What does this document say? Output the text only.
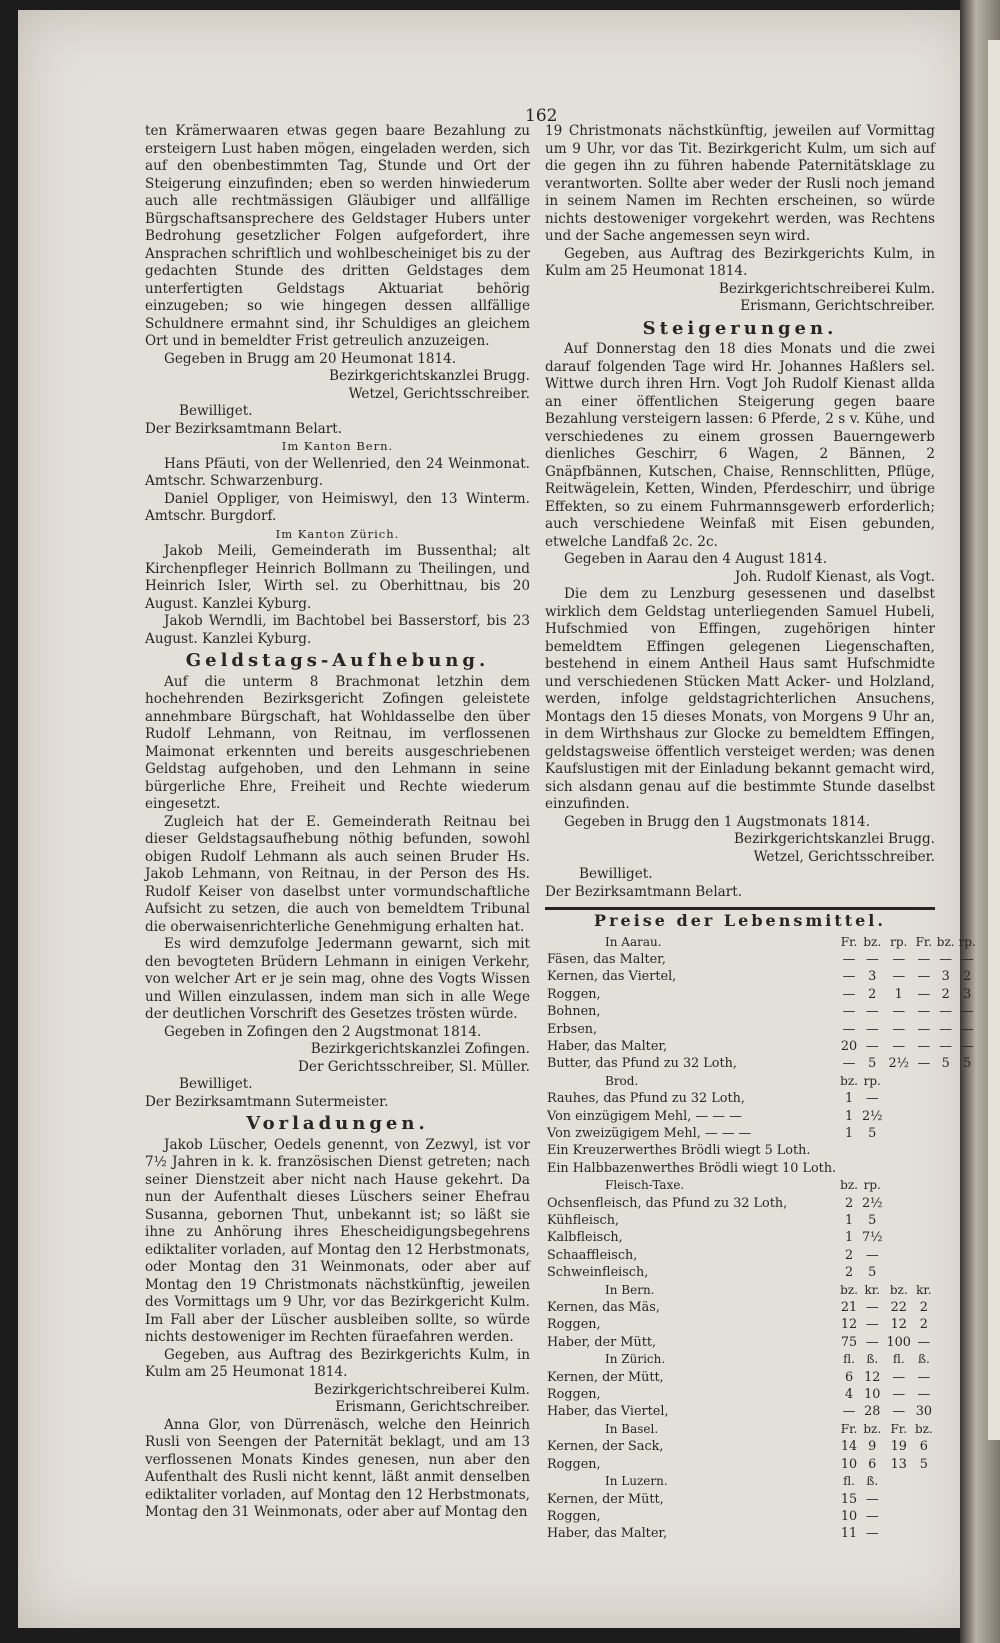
162

ten Krämerwaaren etwas gegen baare Bezahlung zu ersteigern Lust haben mögen, eingeladen werden, sich auf den obenbestimmten Tag, Stunde und Ort der Steigerung einzufinden; eben so werden hinwiederum auch alle rechtmässigen Gläubiger und allfällige Bürgschaftsansprechere des Geldstager Hubers unter Bedrohung gesetzlicher Folgen aufgefordert, ihre Ansprachen schriftlich und wohlbescheiniget bis zu der gedachten Stunde des dritten Geldstages dem unterfertigten Geldstags Aktuariat behörig einzugeben; so wie hingegen dessen allfällige Schuldnere ermahnt sind, ihr Schuldiges an gleichem Ort und in bemeldter Frist getreulich anzuzeigen.

Gegeben in Brugg am 20 Heumonat 1814.

Bezirkgerichtskanzlei Brugg.

Wetzel, Gerichtsschreiber.

Bewilliget.

Der Bezirksamtmann Belart.

Im Kanton Bern.

Hans Pfäuti, von der Wellenried, den 24 Weinmonat. Amtschr. Schwarzenburg.

Daniel Oppliger, von Heimiswyl, den 13 Winterm. Amtschr. Burgdorf.

Im Kanton Zürich.

Jakob Meili, Gemeinderath im Bussenthal; alt Kirchenpfleger Heinrich Bollmann zu Theilingen, und Heinrich Isler, Wirth sel. zu Oberhittnau, bis 20 August. Kanzlei Kyburg.

Jakob Werndli, im Bachtobel bei Basserstorf, bis 23 August. Kanzlei Kyburg.

Geldstags-Aufhebung.

Auf die unterm 8 Brachmonat letzhin dem hochehrenden Bezirksgericht Zofingen geleistete annehmbare Bürgschaft, hat Wohldasselbe den über Rudolf Lehmann, von Reitnau, im verflossenen Maimonat erkennten und bereits ausgeschriebenen Geldstag aufgehoben, und den Lehmann in seine bürgerliche Ehre, Freiheit und Rechte wiederum eingesetzt.

Zugleich hat der E. Gemeinderath Reitnau bei dieser Geldstagsaufhebung nöthig befunden, sowohl obigen Rudolf Lehmann als auch seinen Bruder Hs. Jakob Lehmann, von Reitnau, in der Person des Hs. Rudolf Keiser von daselbst unter vormundschaftliche Aufsicht zu setzen, die auch von bemeldtem Tribunal die oberwaisenrichterliche Genehmigung erhalten hat.

Es wird demzufolge Jedermann gewarnt, sich mit den bevogteten Brüdern Lehmann in einigen Verkehr, von welcher Art er je sein mag, ohne des Vogts Wissen und Willen einzulassen, indem man sich in alle Wege der deutlichen Vorschrift des Gesetzes trösten würde.

Gegeben in Zofingen den 2 Augstmonat 1814.

Bezirkgerichtskanzlei Zofingen.

Der Gerichtsschreiber, Sl. Müller.

Bewilliget.

Der Bezirksamtmann Sutermeister.

Vorladungen.

Jakob Lüscher, Oedels genennt, von Zezwyl, ist vor 7½ Jahren in k. k. französischen Dienst getreten; nach seiner Dienstzeit aber nicht nach Hause gekehrt. Da nun der Aufenthalt dieses Lüschers seiner Ehefrau Susanna, gebornen Thut, unbekannt ist; so läßt sie ihne zu Anhörung ihres Ehescheidigungsbegehrens ediktaliter vorladen, auf Montag den 12 Herbstmonats, oder Montag den 31 Weinmonats, oder aber auf Montag den 19 Christmonats nächstkünftig, jeweilen des Vormittags um 9 Uhr, vor das Bezirkgericht Kulm. Im Fall aber der Lüscher ausbleiben sollte, so würde nichts destoweniger im Rechten füraefahren werden.

Gegeben, aus Auftrag des Bezirkgerichts Kulm, in Kulm am 25 Heumonat 1814.

Bezirkgerichtschreiberei Kulm.

Erismann, Gerichtschreiber.

Anna Glor, von Dürrenäsch, welche den Heinrich Rusli von Seengen der Paternität beklagt, und am 13 verflossenen Monats Kindes genesen, nun aber den Aufenthalt des Rusli nicht kennt, läßt anmit denselben ediktaliter vorladen, auf Montag den 12 Herbstmonats, Montag den 31 Weinmonats, oder aber auf Montag den

19 Christmonats nächstkünftig, jeweilen auf Vormittag um 9 Uhr, vor das Tit. Bezirkgericht Kulm, um sich auf die gegen ihn zu führen habende Paternitätsklage zu verantworten. Sollte aber weder der Rusli noch jemand in seinem Namen im Rechten erscheinen, so würde nichts destoweniger vorgekehrt werden, was Rechtens und der Sache angemessen seyn wird.

Gegeben, aus Auftrag des Bezirkgerichts Kulm, in Kulm am 25 Heumonat 1814.

Bezirkgerichtschreiberei Kulm.

Erismann, Gerichtschreiber.

Steigerungen.

Auf Donnerstag den 18 dies Monats und die zwei darauf folgenden Tage wird Hr. Johannes Haßlers sel. Wittwe durch ihren Hrn. Vogt Joh Rudolf Kienast allda an einer öffentlichen Steigerung gegen baare Bezahlung versteigern lassen: 6 Pferde, 2 s v. Kühe, und verschiedenes zu einem grossen Bauerngewerb dienliches Geschirr, 6 Wagen, 2 Bännen, 2 Gnäpfbännen, Kutschen, Chaise, Rennschlitten, Pflüge, Reitwägelein, Ketten, Winden, Pferdeschirr, und übrige Effekten, so zu einem Fuhrmannsgewerb erforderlich; auch verschiedene Weinfaß mit Eisen gebunden, etwelche Landfaß 2c. 2c.

Gegeben in Aarau den 4 August 1814.

Joh. Rudolf Kienast, als Vogt.

Die dem zu Lenzburg gesessenen und daselbst wirklich dem Geldstag unterliegenden Samuel Hubeli, Hufschmied von Effingen, zugehörigen hinter bemeldtem Effingen gelegenen Liegenschaften, bestehend in einem Antheil Haus samt Hufschmidte und verschiedenen Stücken Matt Acker- und Holzland, werden, infolge geldstagrichterlichen Ansuchens, Montags den 15 dieses Monats, von Morgens 9 Uhr an, in dem Wirthshaus zur Glocke zu bemeldtem Effingen, geldstagsweise öffentlich versteiget werden; was denen Kaufslustigen mit der Einladung bekannt gemacht wird, sich alsdann genau auf die bestimmte Stunde daselbst einzufinden.

Gegeben in Brugg den 1 Augstmonats 1814.

Bezirkgerichtskanzlei Brugg.

Wetzel, Gerichtsschreiber.

Bewilliget.

Der Bezirksamtmann Belart.

Preise der Lebensmittel.
In Aarau.	Fr.	bz.	rp.	Fr.	bz.	rp.
Fäsen, das Malter,	—	—	—	—	—	—
Kernen, das Viertel,	—	3	—	—	3	2
Roggen,	—	2	1	—	2	3
Bohnen,	—	—	—	—	—	—
Erbsen,	—	—	—	—	—	—
Haber, das Malter,	20	—	—	—	—	—
Butter, das Pfund zu 32 Loth,	—	5	2½	—	5	5
Brod.	bz.	rp.				
Rauhes, das Pfund zu 32 Loth,	1	—				
Von einzügigem Mehl, — — —	1	2½				
Von zweizügigem Mehl, — — —	1	5				
Ein Kreuzerwerthes Brödli wiegt 5 Loth.						
Ein Halbbazenwerthes Brödli wiegt 10 Loth.						
Fleisch-Taxe.	bz.	rp.				
Ochsenfleisch, das Pfund zu 32 Loth,	2	2½				
Kühfleisch,	1	5				
Kalbfleisch,	1	7½				
Schaaffleisch,	2	—				
Schweinfleisch,	2	5				
In Bern.	bz.	kr.	bz.	kr.		
Kernen, das Mäs,	21	—	22	2		
Roggen,	12	—	12	2		
Haber, der Mütt,	75	—	100	—		
In Zürich.	fl.	ß.	fl.	ß.		
Kernen, der Mütt,	6	12	—	—		
Roggen,	4	10	—	—		
Haber, das Viertel,	—	28	—	30		
In Basel.	Fr.	bz.	Fr.	bz.		
Kernen, der Sack,	14	9	19	6		
Roggen,	10	6	13	5		
In Luzern.	fl.	ß.				
Kernen, der Mütt,	15	—				
Roggen,	10	—				
Haber, das Malter,	11	—				
